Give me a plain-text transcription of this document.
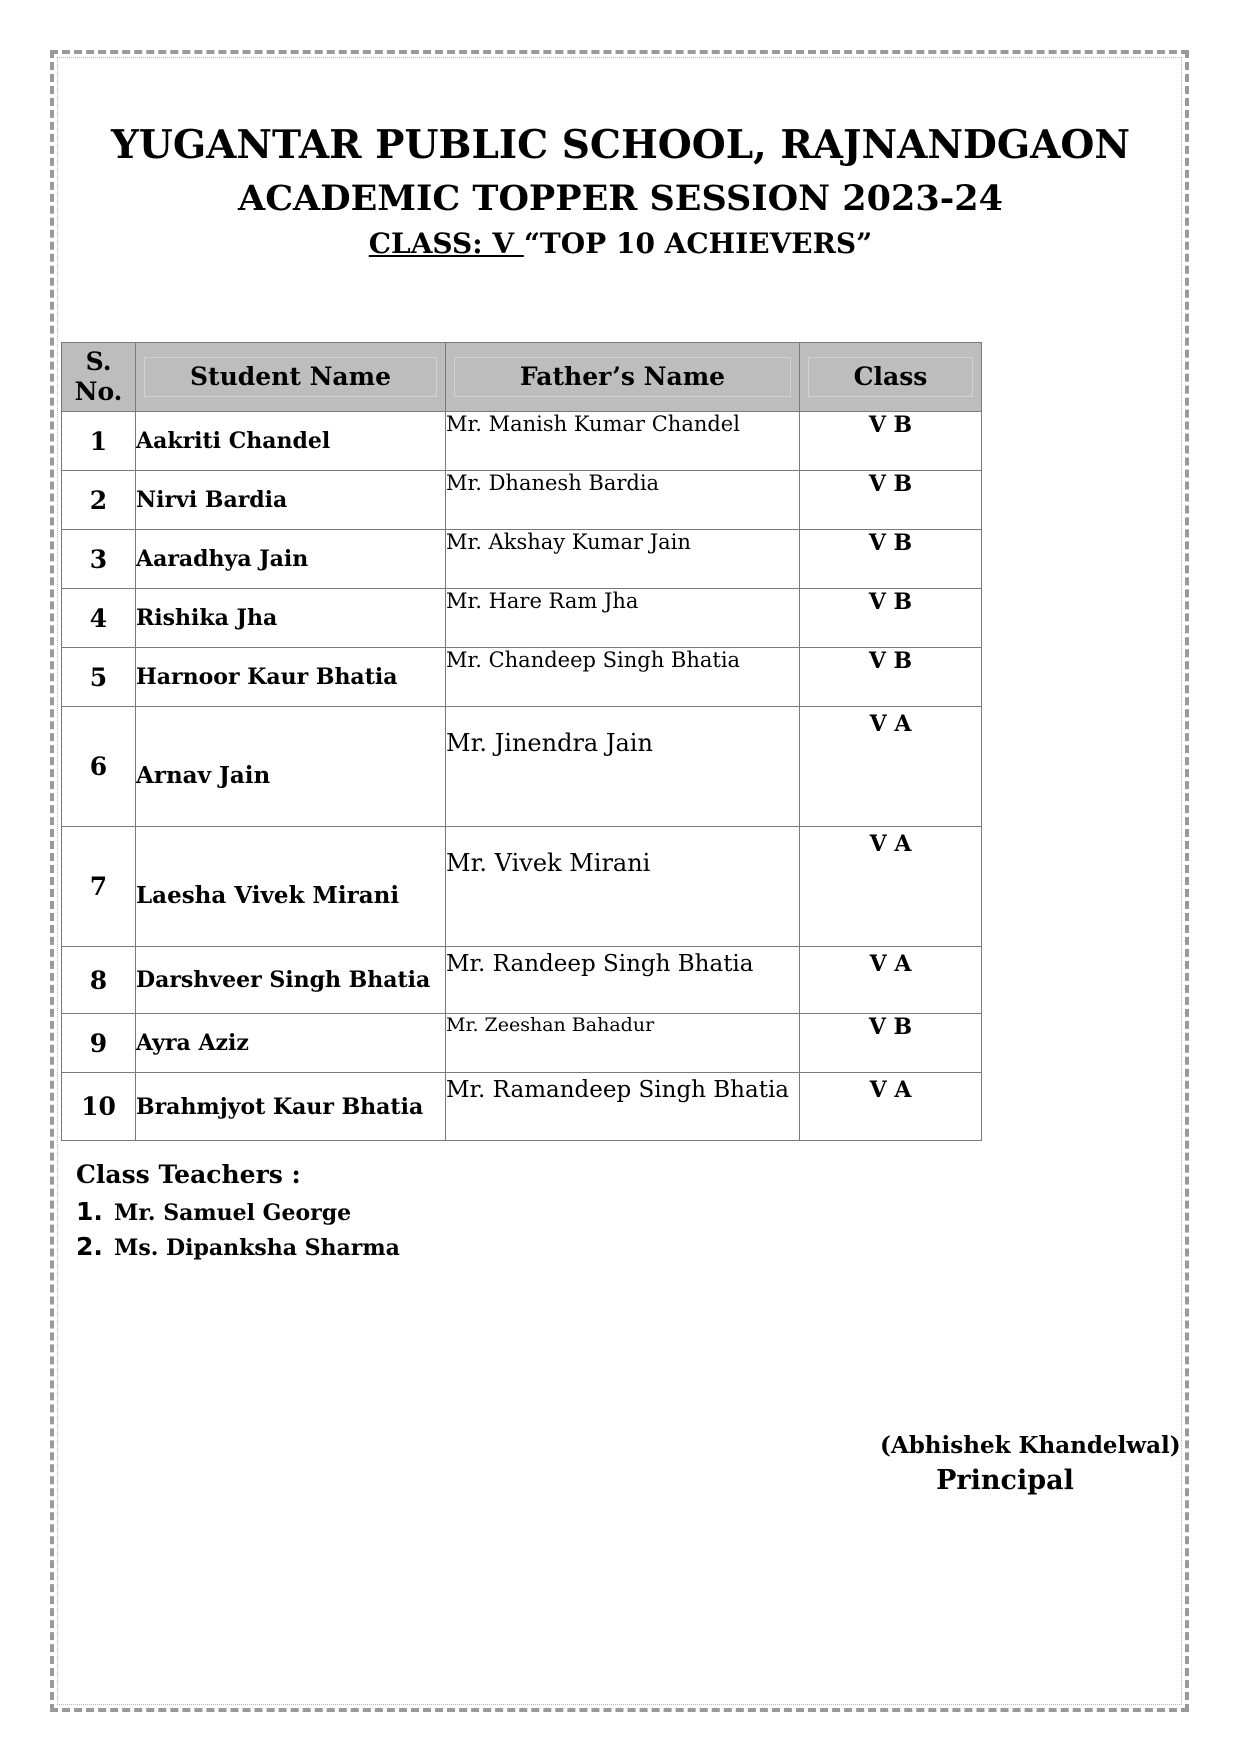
YUGANTAR PUBLIC SCHOOL, RAJNANDGAON
ACADEMIC TOPPER SESSION 2023-24
CLASS: V “TOP 10 ACHIEVERS”
S.
No.	Student Name	Father’s Name	Class

1	Aakriti Chandel	Mr. Manish Kumar Chandel	V B
2	Nirvi Bardia	Mr. Dhanesh Bardia	V B
3	Aaradhya Jain	Mr. Akshay Kumar Jain	V B
4	Rishika Jha	Mr. Hare Ram Jha	V B
5	Harnoor Kaur Bhatia	Mr. Chandeep Singh Bhatia	V B
6	Arnav Jain	Mr. Jinendra Jain	V A
7	Laesha Vivek Mirani	Mr. Vivek Mirani	V A
8	Darshveer Singh Bhatia	Mr. Randeep Singh Bhatia	V A
9	Ayra Aziz	Mr. Zeeshan Bahadur	V B
10	Brahmjyot Kaur Bhatia	Mr. Ramandeep Singh Bhatia	V A
Class Teachers :
1. Mr. Samuel George
2. Ms. Dipanksha Sharma
(Abhishek Khandelwal)
Principal
